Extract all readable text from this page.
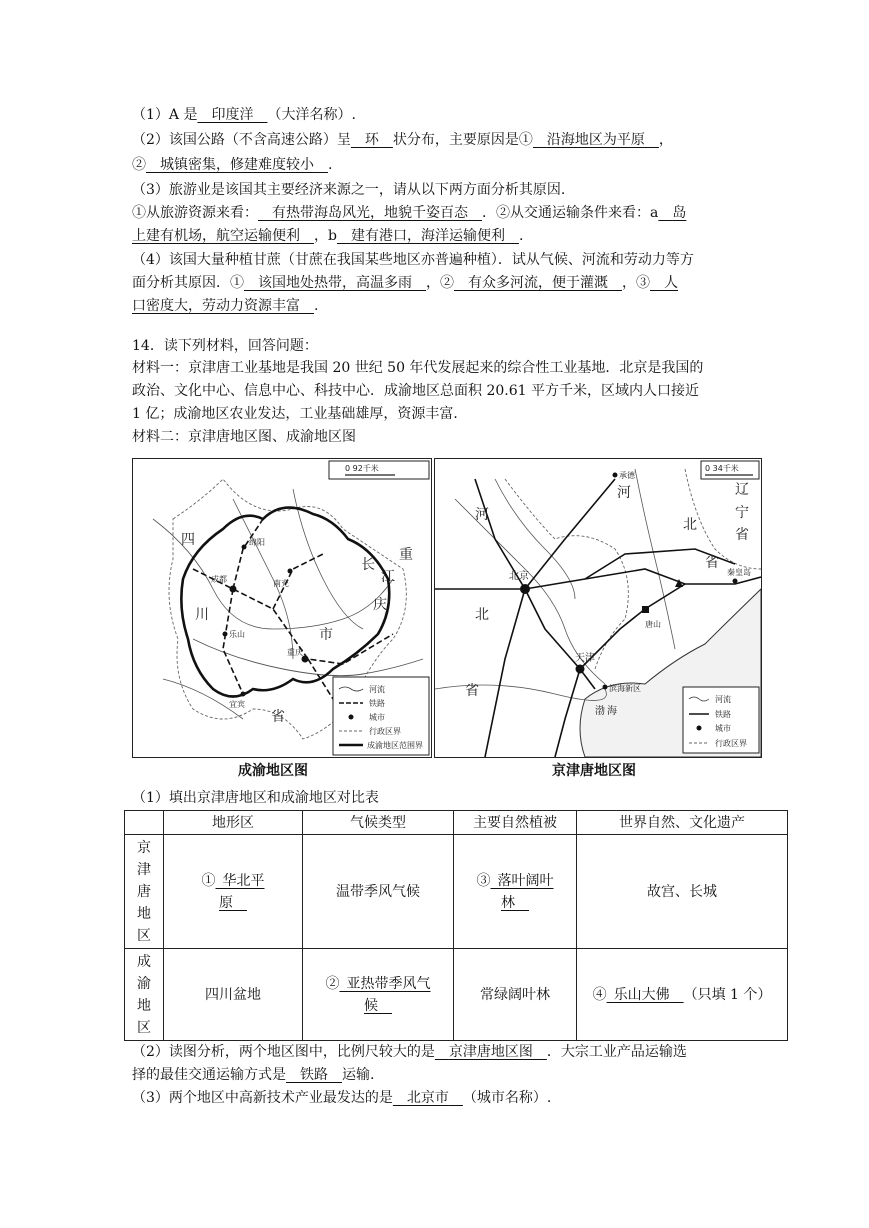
（1）A 是  印度洋  （大洋名称）.
（2）该国公路（不含高速公路）呈  环  状分布，主要原因是①  沿海地区为平原  ，
②  城镇密集，修建难度较小  .
（3）旅游业是该国其主要经济来源之一，请从以下两方面分析其原因.
①从旅游资源来看：  有热带海岛风光，地貌千姿百态  ．②从交通运输条件来看：a  岛
上建有机场，航空运输便利  ，b  建有港口，海洋运输便利  .
（4）该国大量种植甘蔗（甘蔗在我国某些地区亦普遍种植）．试从气候、河流和劳动力等方
面分析其原因．①  该国地处热带，高温多雨  ，②  有众多河流，便于灌溉  ，③  人
口密度大，劳动力资源丰富  .
14．读下列材料，回答问题：
材料一：京津唐工业基地是我国 20 世纪 50 年代发展起来的综合性工业基地．北京是我国的
政治、文化中心、信息中心、科技中心．成渝地区总面积 20.61 平方千米，区域内人口接近
1 亿；成渝地区农业发达，工业基础雄厚，资源丰富．
材料二：京津唐地区图、成渝地区图
0 92千米
四
川
省
重
庆
市
长
江
绵阳
成都	南充
乐山
重庆
宜宾
河流
铁路
城市
行政区界
成渝地区范围界
0 34千米
河
北
省
河
北
省
辽
宁
省
北京
天津
唐山
秦皇岛
承德
滨海新区
渤 海
河流
铁路
城市
行政区界
成渝地区图	京津唐地区图
（1）填出京津唐地区和成渝地区对比表
	地形区	气候类型	主要自然植被	世界自然、文化遗产
京
津
唐
地
区	①  华北平
原 	温带季风气候	③  落叶阔叶
林 	故宫、长城
成
渝
地
区	四川盆地	②  亚热带季风气
候 	常绿阔叶林	④  乐山大佛  （只填 1 个）
（2）读图分析，两个地区图中，比例尺较大的是  京津唐地区图  ．大宗工业产品运输选
择的最佳交通运输方式是  铁路  运输.
（3）两个地区中高新技术产业最发达的是  北京市  （城市名称）.
